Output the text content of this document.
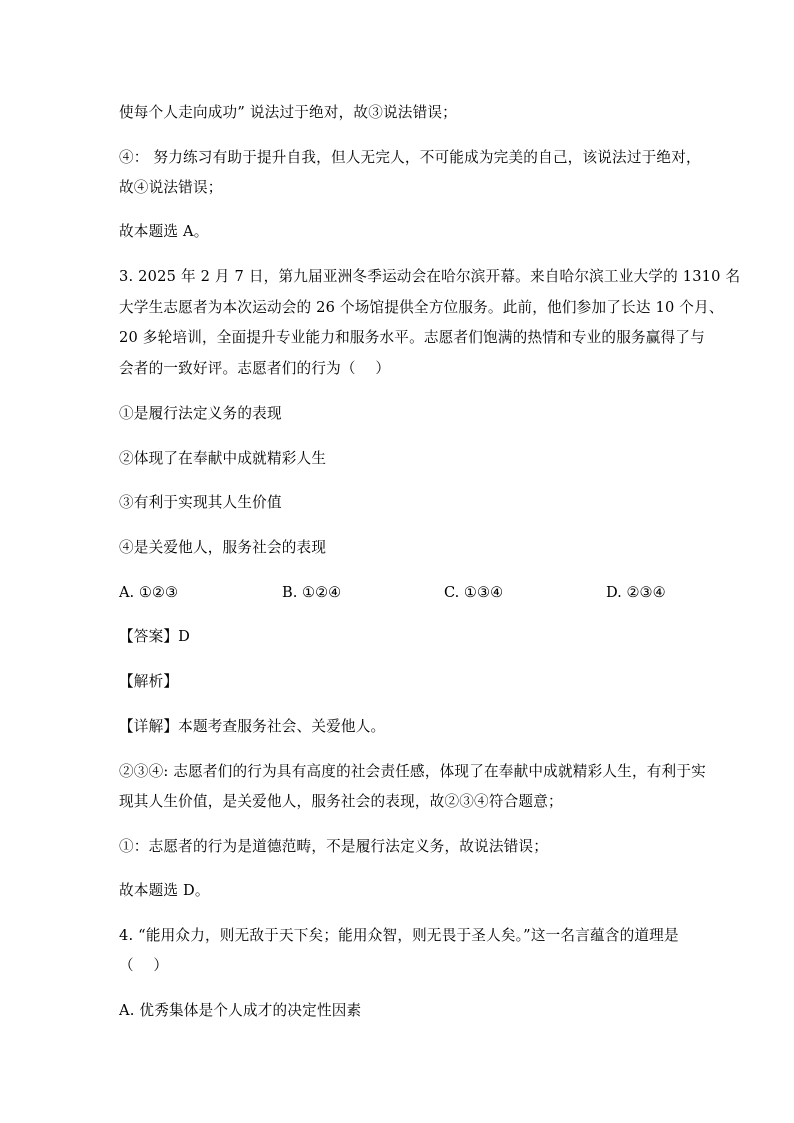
使每个人走向成功” 说法过于绝对，故③说法错误；
④： 努力练习有助于提升自我，但人无完人，不可能成为完美的自己，该说法过于绝对，
故④说法错误；
故本题选 A。
3. 2025 年 2 月 7 日，第九届亚洲冬季运动会在哈尔滨开幕。来自哈尔滨工业大学的 1310 名
大学生志愿者为本次运动会的 26 个场馆提供全方位服务。此前，他们参加了长达 10 个月、
20 多轮培训，全面提升专业能力和服务水平。志愿者们饱满的热情和专业的服务赢得了与
会者的一致好评。志愿者们的行为（　 ）
①是履行法定义务的表现
②体现了在奉献中成就精彩人生
③有利于实现其人生价值
④是关爱他人，服务社会的表现
A. ①②③	B. ①②④	C. ①③④	D. ②③④
【答案】D
【解析】
【详解】本题考查服务社会、关爱他人。
②③④: 志愿者们的行为具有高度的社会责任感，体现了在奉献中成就精彩人生，有利于实
现其人生价值，是关爱他人，服务社会的表现，故②③④符合题意；
①：志愿者的行为是道德范畴，不是履行法定义务，故说法错误；
故本题选 D。
4. “能用众力，则无敌于天下矣；能用众智，则无畏于圣人矣。”这一名言蕴含的道理是
（　 ）
A. 优秀集体是个人成才的决定性因素
